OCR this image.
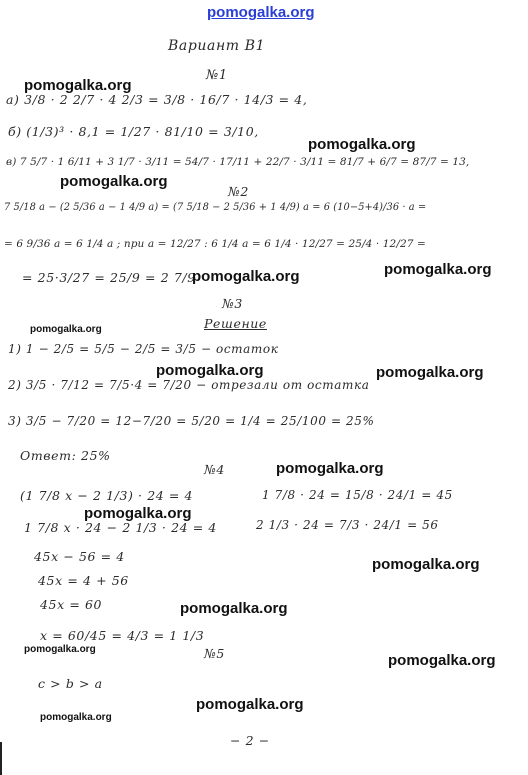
pomogalka.org
Вариант В1
№1
а) 3/8 · 2 2/7 · 4 2/3 = 3/8 · 16/7 · 14/3 = 4,
б) (1/3)³ · 8,1 = 1/27 · 81/10 = 3/10,
в) 7 5/7 · 1 6/11 + 3 1/7 · 3/11 = 54/7 · 17/11 + 22/7 · 3/11 = 81/7 + 6/7 = 87/7 = 13,
№2
7 5/18 a − (2 5/36 a − 1 4/9 a) = (7 5/18 − 2 5/36 + 1 4/9) a = 6 (10−5+4)/36 · a =
= 6 9/36 a = 6 1/4 a ; при a = 12/27 : 6 1/4 a = 6 1/4 · 12/27 = 25/4 · 12/27 =
= 25·3/27 = 25/9 = 2 7/9
№3
Решение
1) 1 − 2/5 = 5/5 − 2/5 = 3/5 − остаток
2) 3/5 · 7/12 = 7/5·4 = 7/20 − отрезали от остатка
3) 3/5 − 7/20 = 12−7/20 = 5/20 = 1/4 = 25/100 = 25%
Ответ: 25%
№4
(1 7/8 x − 2 1/3) · 24 = 4
1 7/8 x · 24 − 2 1/3 · 24 = 4
45x − 56 = 4
45x = 4 + 56
45x = 60
x = 60/45 = 4/3 = 1 1/3
1 7/8 · 24 = 15/8 · 24/1 = 45
2 1/3 · 24 = 7/3 · 24/1 = 56
№5
c > b > a
− 2 −
pomogalka.org
pomogalka.org
pomogalka.org
pomogalka.org	pomogalka.org
pomogalka.org
pomogalka.org	pomogalka.org
pomogalka.org
pomogalka.org
pomogalka.org
pomogalka.org
pomogalka.org
pomogalka.org
pomogalka.org
pomogalka.org
